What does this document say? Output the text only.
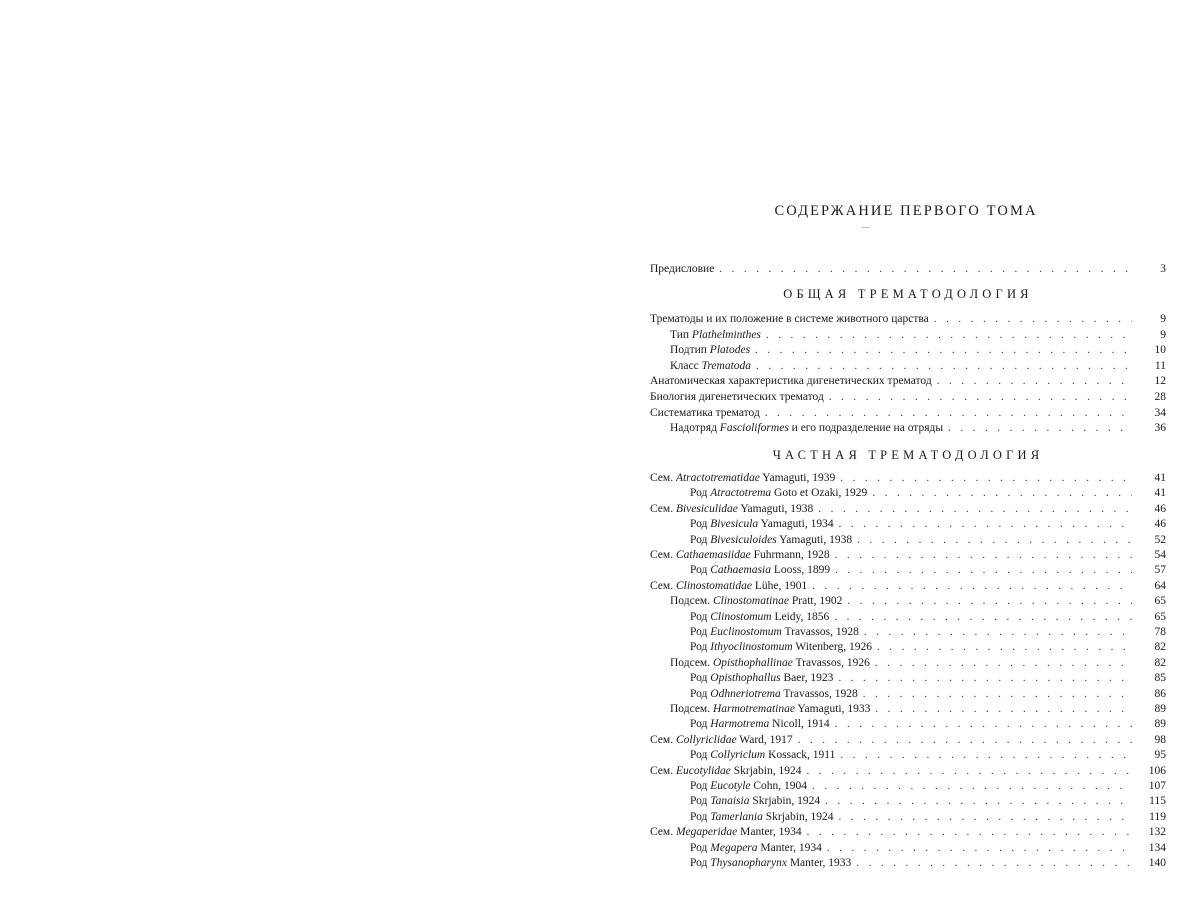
СОДЕРЖАНИЕ ПЕРВОГО ТОМА
Предисловие . . .	3
ОБЩАЯ ТРЕМАТОДОЛОГИЯ
Трематоды и их положение в системе животного царства . . .	9
Тип Plathelminthes . . .	9
Подтип Platodes . . .	10
Класс Trematoda . . .	11
Анатомическая характеристика дигенетических трематод . . .	12
Биология дигенетических трематод . . .	28
Систематика трематод . . .	34
Надотряд Fascioliformes и его подразделение на отряды . . .	36
ЧАСТНАЯ ТРЕМАТОДОЛОГИЯ
Сем. Atractotrematidae Yamaguti, 1939 . . .	41
Род Atractotrema Goto et Ozaki, 1929 . . .	41
Сем. Bivesiculidae Yamaguti, 1938 . . .	46
Род Bivesicula Yamaguti, 1934 . . .	46
Род Bivesiculoides Yamaguti, 1938 . . .	52
Сем. Cathaemasiidae Fuhrmann, 1928 . . .	54
Род Cathaemasia Looss, 1899 . . .	57
Сем. Clinostomatidae Lühe, 1901 . . .	64
Подсем. Clinostomatinae Pratt, 1902 . . .	65
Род Clinostomum Leidy, 1856 . . .	65
Род Euclinostomum Travassos, 1928 . . .	78
Род Ithyoclinostomum Witenberg, 1926 . . .	82
Подсем. Opisthophallinae Travassos, 1926 . . .	82
Род Opisthophallus Baer, 1923 . . .	85
Род Odhneriotrema Travassos, 1928 . . .	86
Подсем. Harmotrematinae Yamaguti, 1933 . . .	89
Род Harmotrema Nicoll, 1914 . . .	89
Сем. Collyriclidae Ward, 1917 . . .	98
Род Collyriclum Kossack, 1911 . . .	95
Сем. Eucotylidae Skrjabin, 1924 . . .	106
Род Eucotyle Cohn, 1904 . . .	107
Род Tanaisia Skrjabin, 1924 . . .	115
Род Tamerlania Skrjabin, 1924 . . .	119
Сем. Megaperidae Manter, 1934 . . .	132
Род Megapera Manter, 1934 . . .	134
Род Thysanopharynx Manter, 1933 . . .	140
